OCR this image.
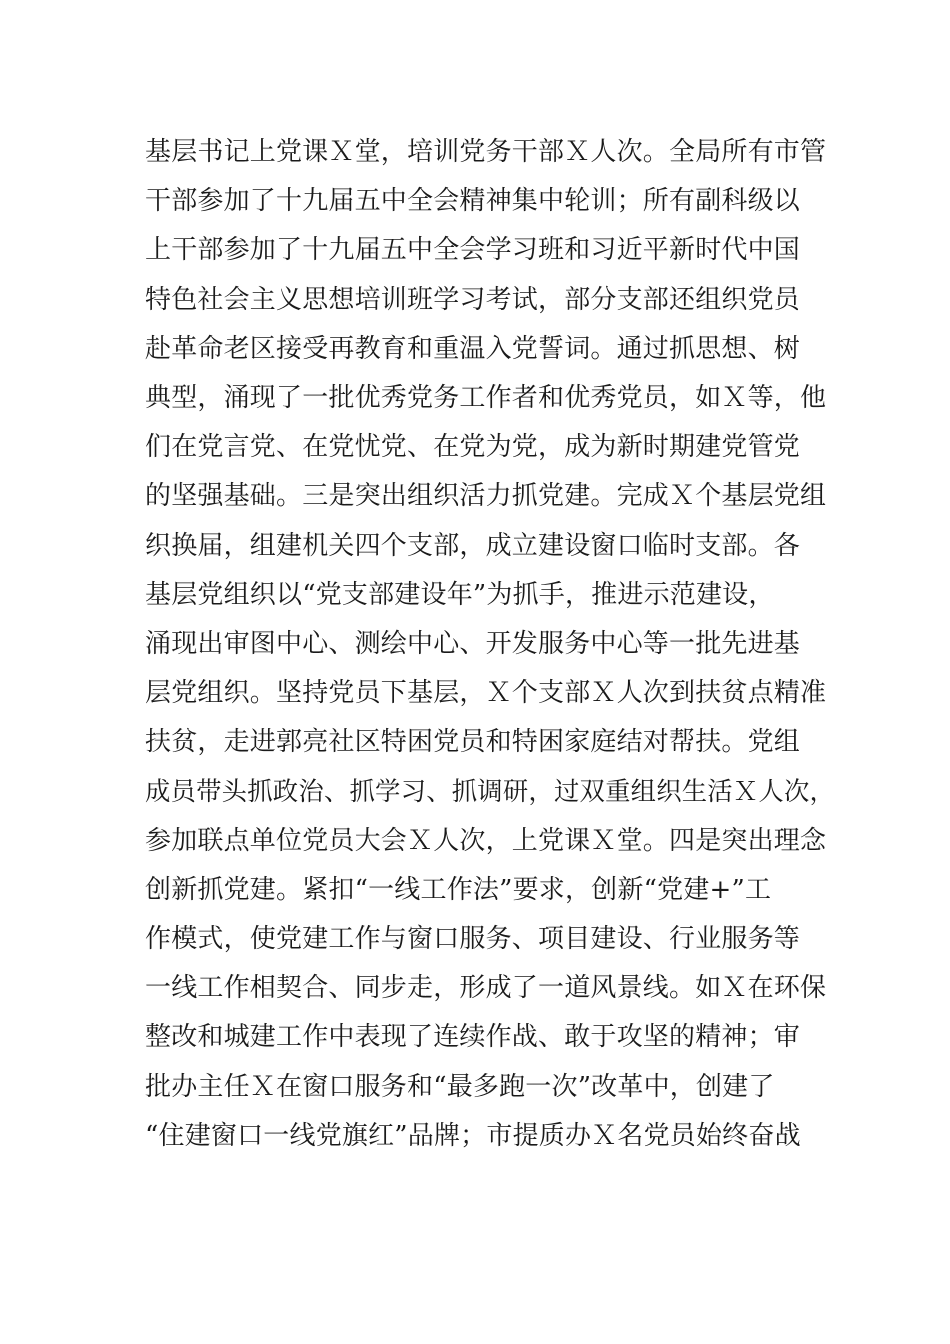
基层书记上党课Ｘ堂，培训党务干部Ｘ人次。全局所有市管
干部参加了十九届五中全会精神集中轮训；所有副科级以
上干部参加了十九届五中全会学习班和习近平新时代中国
特色社会主义思想培训班学习考试，部分支部还组织党员
赴革命老区接受再教育和重温入党誓词。通过抓思想、树
典型，涌现了一批优秀党务工作者和优秀党员，如Ｘ等，他
们在党言党、在党忧党、在党为党，成为新时期建党管党
的坚强基础。三是突出组织活力抓党建。完成Ｘ个基层党组
织换届，组建机关四个支部，成立建设窗口临时支部。各
基层党组织以“党支部建设年”为抓手，推进示范建设，
涌现出审图中心、测绘中心、开发服务中心等一批先进基
层党组织。坚持党员下基层，Ｘ个支部Ｘ人次到扶贫点精准
扶贫，走进郭亮社区特困党员和特困家庭结对帮扶。党组
成员带头抓政治、抓学习、抓调研，过双重组织生活Ｘ人次，
参加联点单位党员大会Ｘ人次，上党课Ｘ堂。四是突出理念
创新抓党建。紧扣“一线工作法”要求，创新“党建+”工
作模式，使党建工作与窗口服务、项目建设、行业服务等
一线工作相契合、同步走，形成了一道风景线。如Ｘ在环保
整改和城建工作中表现了连续作战、敢于攻坚的精神；审
批办主任Ｘ在窗口服务和“最多跑一次”改革中，创建了
“住建窗口一线党旗红”品牌；市提质办Ｘ名党员始终奋战
